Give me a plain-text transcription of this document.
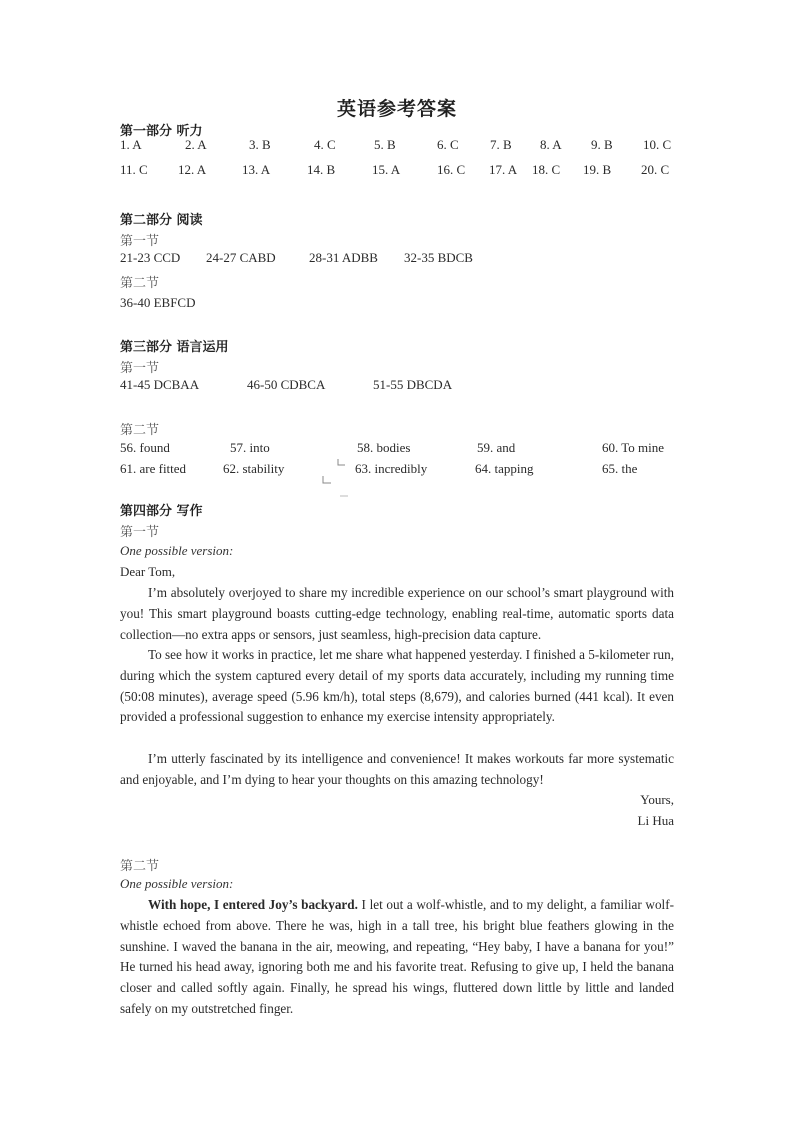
英语参考答案
第一部分 听力
1. A	2. A	3. B	4. C	5. B	6. C 7. B 8. A 9. B 10. C
11. C 12. A	13. A	14. B	15. A	16. C 17. A 18. C 19. B 20. C
第二部分 阅读
第一节
21-23 CCD 24-27 CABD	28-31 ADBB 32-35 BDCB
第二节
36-40 EBFCD
第三部分 语言运用
第一节
41-45 DCBAA	46-50 CDBCA	51-55 DBCDA
第二节
56. found	57. into	58. bodies	59. and	60. To mine
61. are fitted	62. stability	63. incredibly	64. tapping	65. the
第四部分 写作
第一节
One possible version:
Dear Tom,
I’m absolutely overjoyed to share my incredible experience on our school’s smart playground with you! This smart playground boasts cutting-edge technology, enabling real-time, automatic sports data collection—no extra apps or sensors, just seamless, high-precision data capture.
To see how it works in practice, let me share what happened yesterday. I finished a 5-kilometer run, during which the system captured every detail of my sports data accurately, including my running time (50:08 minutes), average speed (5.96 km/h), total steps (8,679), and calories burned (441 kcal). It even provided a professional suggestion to enhance my exercise intensity appropriately.
I’m utterly fascinated by its intelligence and convenience! It makes workouts far more systematic and enjoyable, and I’m dying to hear your thoughts on this amazing technology!
Yours,
Li Hua
第二节
One possible version:
With hope, I entered Joy’s backyard. I let out a wolf-whistle, and to my delight, a familiar wolf-whistle echoed from above. There he was, high in a tall tree, his bright blue feathers glowing in the sunshine. I waved the banana in the air, meowing, and repeating, “Hey baby, I have a banana for you!” He turned his head away, ignoring both me and his favorite treat. Refusing to give up, I held the banana closer and called softly again. Finally, he spread his wings, fluttered down little by little and landed safely on my outstretched finger.
